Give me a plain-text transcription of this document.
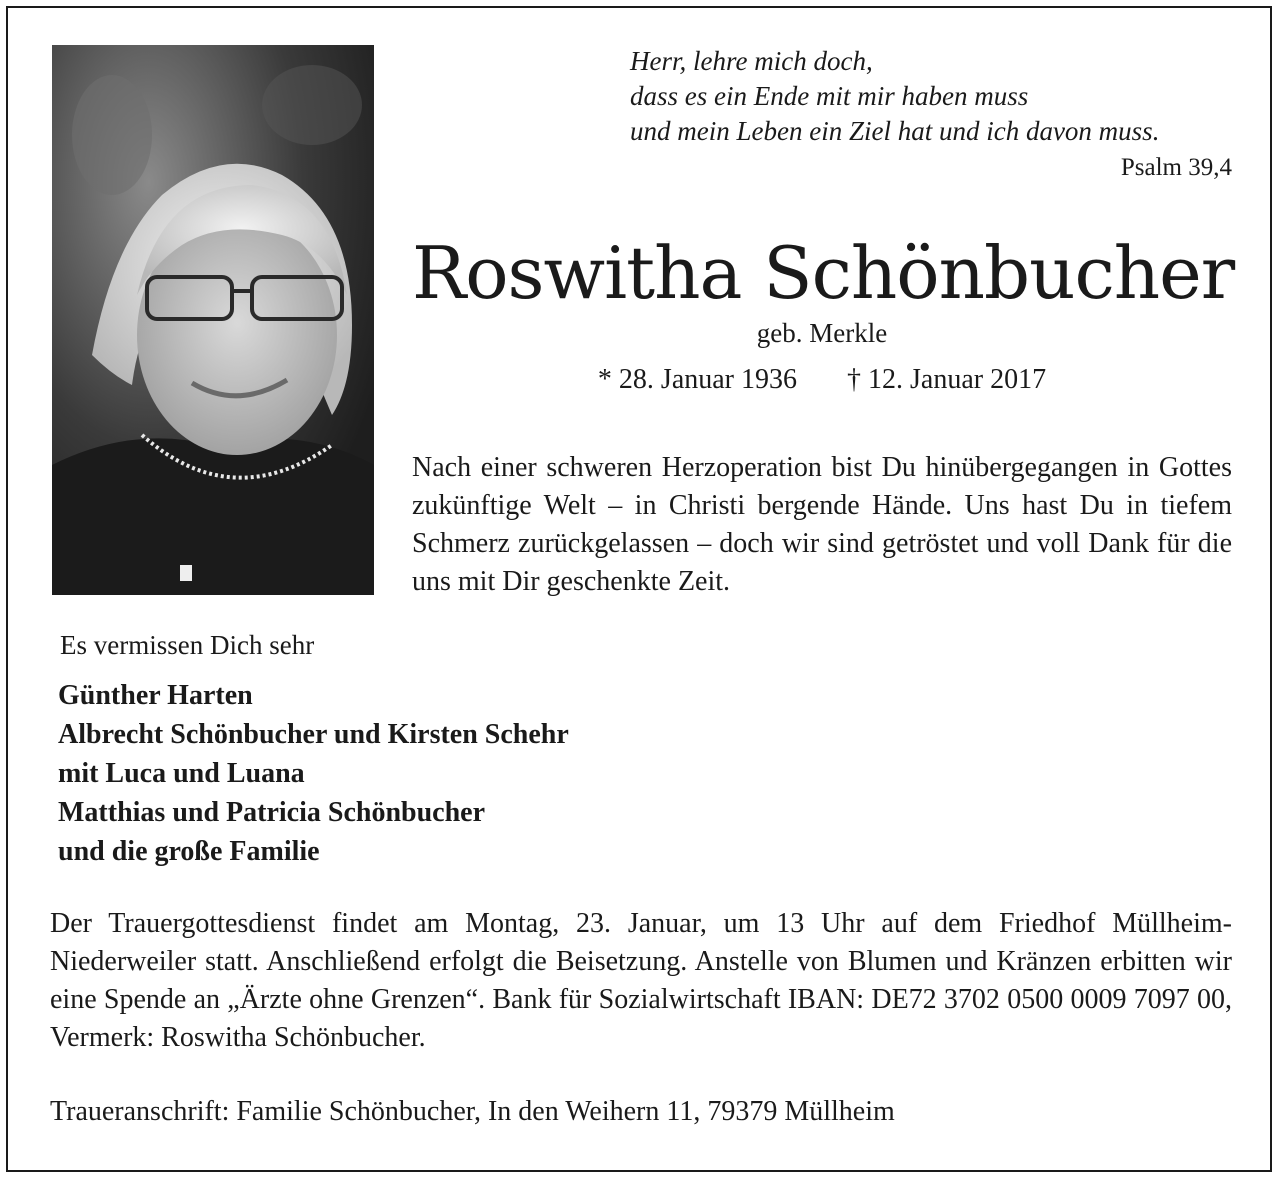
Herr, lehre mich doch,
dass es ein Ende mit mir haben muss
und mein Leben ein Ziel hat und ich davon muss.
Psalm 39,4
Roswitha Schönbucher
geb. Merkle
* 28. Januar 1936 † 12. Januar 2017
Nach einer schweren Herzoperation bist Du hinübergegangen in Gottes zukünftige Welt – in Christi bergende Hände. Uns hast Du in tiefem Schmerz zurückgelassen – doch wir sind getröstet und voll Dank für die uns mit Dir geschenkte Zeit.
Es vermissen Dich sehr
Günther Harten
Albrecht Schönbucher und Kirsten Schehr
mit Luca und Luana
Matthias und Patricia Schönbucher
und die große Familie
Der Trauergottesdienst findet am Montag, 23. Januar, um 13 Uhr auf dem Friedhof Müllheim-Niederweiler statt. Anschließend erfolgt die Beisetzung. Anstelle von Blumen und Kränzen erbitten wir eine Spende an „Ärzte ohne Grenzen“. Bank für Sozialwirtschaft IBAN: DE72 3702 0500 0009 7097 00, Vermerk: Roswitha Schönbucher.
Traueranschrift: Familie Schönbucher, In den Weihern 11, 79379 Müllheim
